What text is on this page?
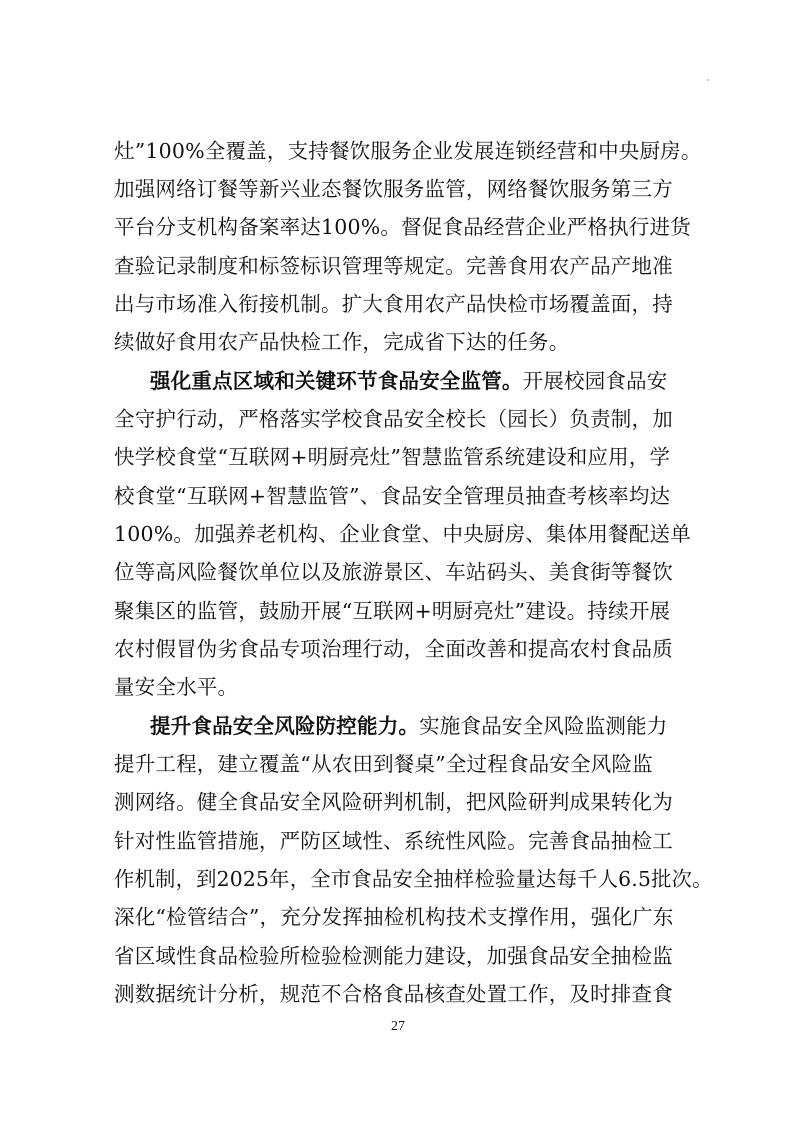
灶”100%全覆盖，支持餐饮服务企业发展连锁经营和中央厨房。
加强网络订餐等新兴业态餐饮服务监管，网络餐饮服务第三方
平台分支机构备案率达100%。督促食品经营企业严格执行进货
查验记录制度和标签标识管理等规定。完善食用农产品产地准
出与市场准入衔接机制。扩大食用农产品快检市场覆盖面，持
续做好食用农产品快检工作，完成省下达的任务。
强化重点区域和关键环节食品安全监管。开展校园食品安
全守护行动，严格落实学校食品安全校长（园长）负责制，加
快学校食堂“互联网+明厨亮灶”智慧监管系统建设和应用，学
校食堂“互联网+智慧监管”、食品安全管理员抽查考核率均达
100%。加强养老机构、企业食堂、中央厨房、集体用餐配送单
位等高风险餐饮单位以及旅游景区、车站码头、美食街等餐饮
聚集区的监管，鼓励开展“互联网+明厨亮灶”建设。持续开展
农村假冒伪劣食品专项治理行动，全面改善和提高农村食品质
量安全水平。
提升食品安全风险防控能力。实施食品安全风险监测能力
提升工程，建立覆盖“从农田到餐桌”全过程食品安全风险监
测网络。健全食品安全风险研判机制，把风险研判成果转化为
针对性监管措施，严防区域性、系统性风险。完善食品抽检工
作机制，到2025年，全市食品安全抽样检验量达每千人6.5批次。
深化“检管结合”，充分发挥抽检机构技术支撑作用，强化广东
省区域性食品检验所检验检测能力建设，加强食品安全抽检监
测数据统计分析，规范不合格食品核查处置工作，及时排查食
27
